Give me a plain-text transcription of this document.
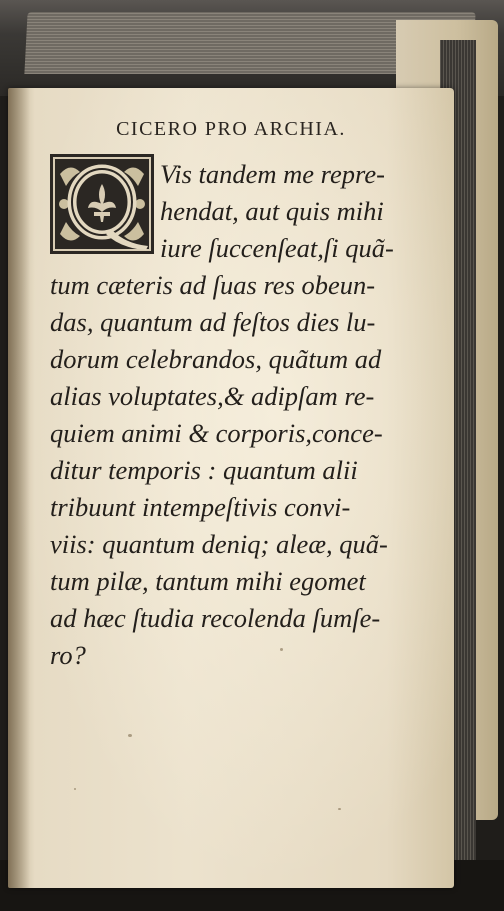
CICERO PRO ARCHIA.
Vis tandem me repre-
hendat, aut quis mihi
iure ſuccenſeat,ſi quã-
tum cæteris ad ſuas res obeun-
das, quantum ad feſtos dies lu-
dorum celebrandos, quãtum ad
alias voluptates,& adipſam re-
quiem animi & corporis,conce-
ditur temporis : quantum alii
tribuunt intempeſtivis convi-
viis: quantum deniq; aleæ, quã-
tum pilæ, tantum mihi egomet
ad hæc ſtudia recolenda ſumſe-
ro?
